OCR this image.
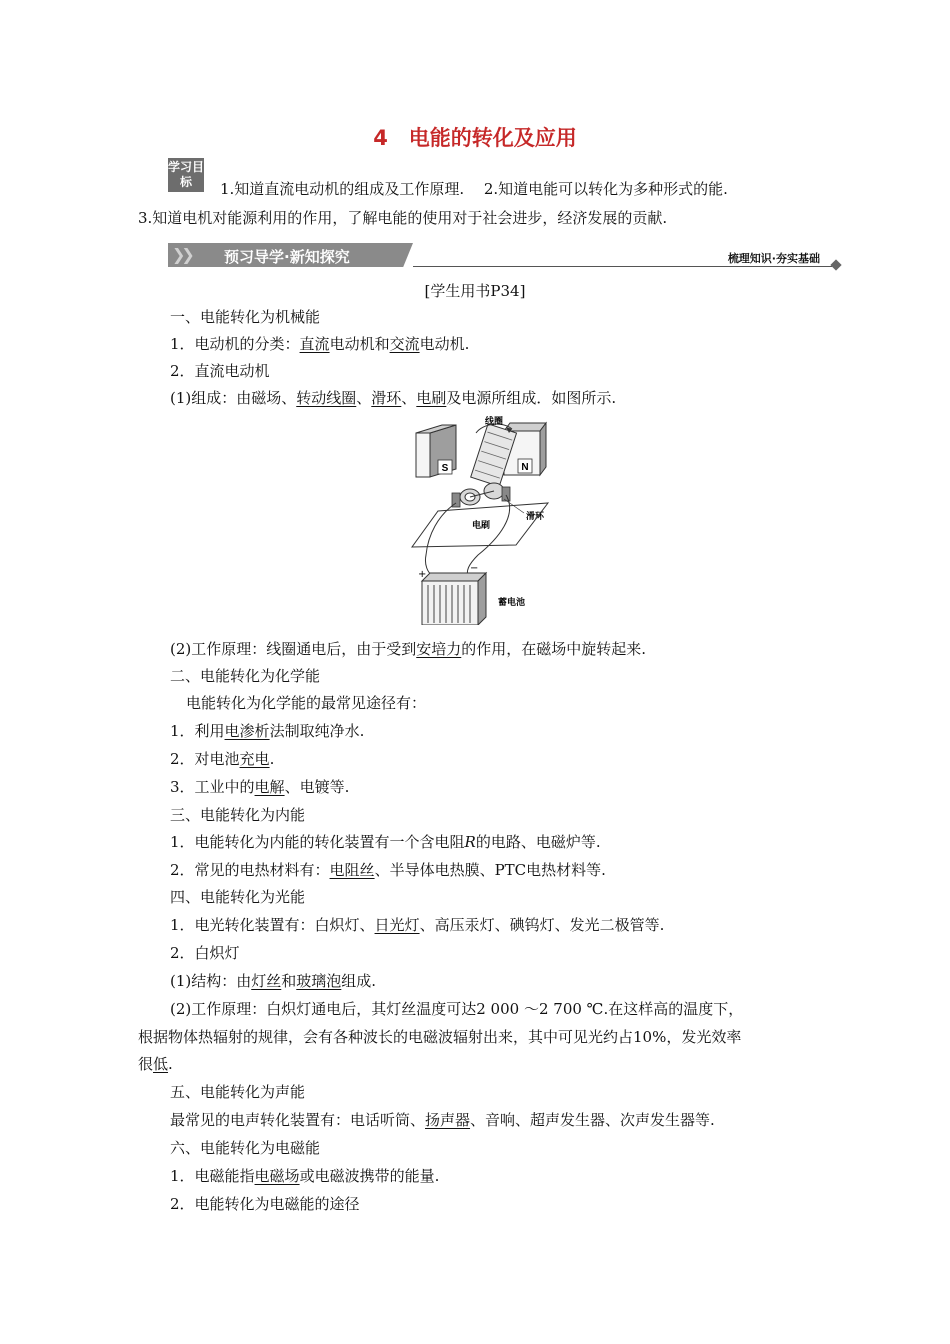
4　电能的转化及应用
学习目标	1.知道直流电动机的组成及工作原理.　 2.知道电能可以转化为多种形式的能.
3.知道电机对能源利用的作用，了解电能的使用对于社会进步，经济发展的贡献.
❯❯ 预习导学·新知探究	梳理知识·夯实基础
[学生用书P34]
一、电能转化为机械能
1．电动机的分类：直流电动机和交流电动机.
2．直流电动机
(1)组成：由磁场、转动线圈、滑环、电刷及电源所组成．如图所示.
S	N
线圈
滑环
电刷
+
−
蓄电池
(2)工作原理：线圈通电后，由于受到安培力的作用，在磁场中旋转起来.
二、电能转化为化学能
电能转化为化学能的最常见途径有：
1．利用电渗析法制取纯净水.
2．对电池充电.
3．工业中的电解、电镀等.
三、电能转化为内能
1．电能转化为内能的转化装置有一个含电阻R的电路、电磁炉等.
2．常见的电热材料有：电阻丝、半导体电热膜、PTC电热材料等.
四、电能转化为光能
1．电光转化装置有：白炽灯、日光灯、高压汞灯、碘钨灯、发光二极管等.
2．白炽灯
(1)结构：由灯丝和玻璃泡组成.
(2)工作原理：白炽灯通电后，其灯丝温度可达2 000 ～2 700 ℃.在这样高的温度下，
根据物体热辐射的规律，会有各种波长的电磁波辐射出来，其中可见光约占10%，发光效率
很低.
五、电能转化为声能
最常见的电声转化装置有：电话听筒、扬声器、音响、超声发生器、次声发生器等.
六、电能转化为电磁能
1．电磁能指电磁场或电磁波携带的能量.
2．电能转化为电磁能的途径
